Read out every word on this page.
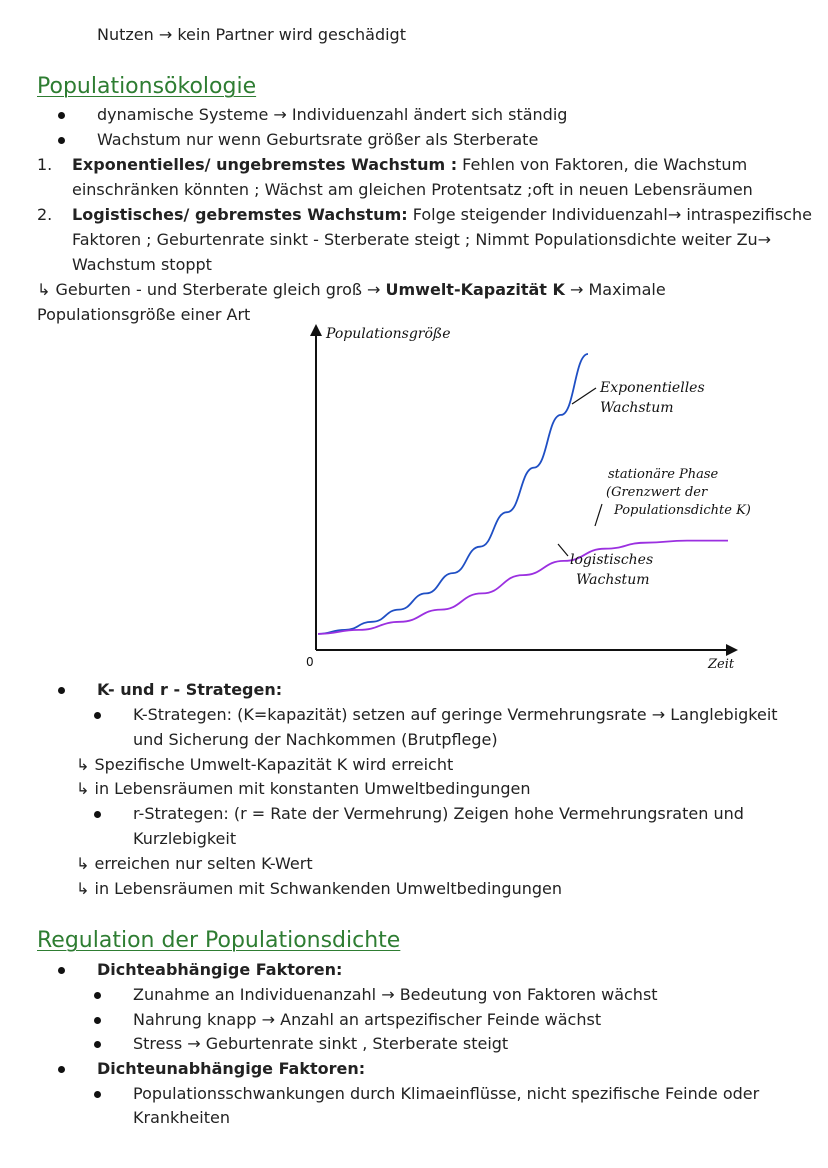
Nutzen → kein Partner wird geschädigt
Populationsökologie
dynamische Systeme → Individuenzahl ändert sich ständig
Wachstum nur wenn Geburtsrate größer als Sterberate
1. Exponentielles/ ungebremstes Wachstum : Fehlen von Faktoren, die Wachstum
einschränken könnten ; Wächst am gleichen Protentsatz ;oft in neuen Lebensräumen
2. Logistisches/ gebremstes Wachstum: Folge steigender Individuenzahl→ intraspezifische
Faktoren ; Geburtenrate sinkt - Sterberate steigt ; Nimmt Populationsdichte weiter Zu→
Wachstum stoppt
↳ Geburten - und Sterberate gleich groß → Umwelt-Kapazität K → Maximale
Populationsgröße einer Art
Populationsgröße
Zeit
0
Exponentielles
Wachstum
stationäre Phase
(Grenzwert der
Populationsdichte K)
logistisches
Wachstum
K- und r - Strategen:
K-Strategen: (K=kapazität) setzen auf geringe Vermehrungsrate → Langlebigkeit
und Sicherung der Nachkommen (Brutpflege)
↳ Spezifische Umwelt-Kapazität K wird erreicht
↳ in Lebensräumen mit konstanten Umweltbedingungen
r-Strategen: (r = Rate der Vermehrung) Zeigen hohe Vermehrungsraten und
Kurzlebigkeit
↳ erreichen nur selten K-Wert
↳ in Lebensräumen mit Schwankenden Umweltbedingungen
Regulation der Populationsdichte
Dichteabhängige Faktoren:
Zunahme an Individuenanzahl → Bedeutung von Faktoren wächst
Nahrung knapp → Anzahl an artspezifischer Feinde wächst
Stress → Geburtenrate sinkt , Sterberate steigt
Dichteunabhängige Faktoren:
Populationsschwankungen durch Klimaeinflüsse, nicht spezifische Feinde oder
Krankheiten
